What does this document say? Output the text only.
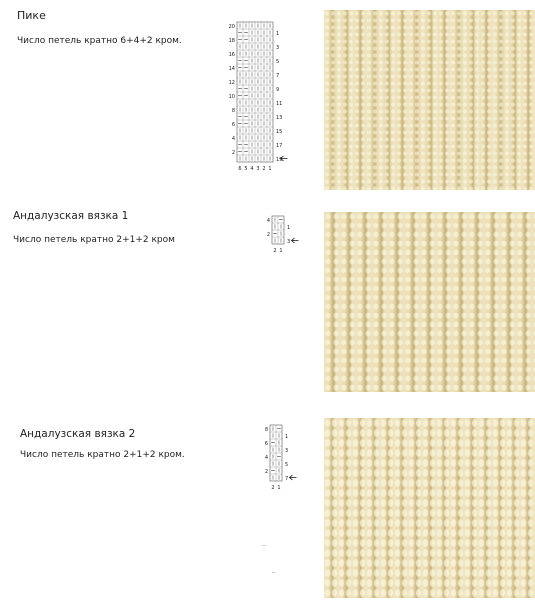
Пике
Число петель кратно 6+4+2 кром.
19
17
15
13
11
9
7
5
3
1
20
18
16
14
12
10
8
6
4
2
6 5 4 3 2 1
Андалузская вязка 1
Число петель кратно 2+1+2 кром	3
1
4
2
2 1
Андалузская вязка 2
Число петель кратно 2+1+2 кром.
7
5
3
1
8
6
4
2
2 1
